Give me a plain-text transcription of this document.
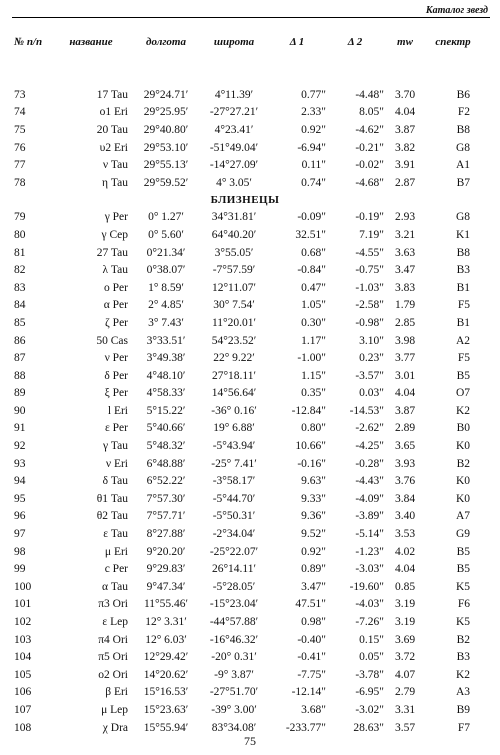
Каталог звезд
№ п/п	название	долгота	широта	Δ 1	Δ 2	mw	спектр
73	17 Tau	29°24.71′	4°11.39′	0.77"	-4.48"	3.70	B6
74	ο1 Eri	29°25.95′	-27°27.21′	2.33"	8.05"	4.04	F2
75	20 Tau	29°40.80′	4°23.41′	0.92"	-4.62"	3.87	B8
76	υ2 Eri	29°53.10′	-51°49.04′	-6.94"	-0.21"	3.82	G8
77	ν Tau	29°55.13′	-14°27.09′	0.11"	-0.02"	3.91	A1
78	η Tau	29°59.52′	4° 3.05′	0.74"	-4.68"	2.87	B7
БЛИЗНЕЦЫ							
79	γ Per	0° 1.27′	34°31.81′	-0.09"	-0.19"	2.93	G8
80	γ Cep	0° 5.60′	64°40.20′	32.51"	7.19"	3.21	K1
81	27 Tau	0°21.34′	3°55.05′	0.68"	-4.55"	3.63	B8
82	λ Tau	0°38.07′	-7°57.59′	-0.84"	-0.75"	3.47	B3
83	ο Per	1° 8.59′	12°11.07′	0.47"	-1.03"	3.83	B1
84	α Per	2° 4.85′	30° 7.54′	1.05"	-2.58"	1.79	F5
85	ζ Per	3° 7.43′	11°20.01′	0.30"	-0.98"	2.85	B1
86	50 Cas	3°33.51′	54°23.52′	1.17"	3.10"	3.98	A2
87	ν Per	3°49.38′	22° 9.22′	-1.00"	0.23"	3.77	F5
88	δ Per	4°48.10′	27°18.11′	1.15"	-3.57"	3.01	B5
89	ξ Per	4°58.33′	14°56.64′	0.35"	0.03"	4.04	O7
90	l Eri	5°15.22′	-36° 0.16′	-12.84"	-14.53"	3.87	K2
91	ε Per	5°40.66′	19° 6.88′	0.80"	-2.62"	2.89	B0
92	γ Tau	5°48.32′	-5°43.94′	10.66"	-4.25"	3.65	K0
93	ν Eri	6°48.88′	-25° 7.41′	-0.16"	-0.28"	3.93	B2
94	δ Tau	6°52.22′	-3°58.17′	9.63"	-4.43"	3.76	K0
95	θ1 Tau	7°57.30′	-5°44.70′	9.33"	-4.09"	3.84	K0
96	θ2 Tau	7°57.71′	-5°50.31′	9.36"	-3.89"	3.40	A7
97	ε Tau	8°27.88′	-2°34.04′	9.52"	-5.14"	3.53	G9
98	μ Eri	9°20.20′	-25°22.07′	0.92"	-1.23"	4.02	B5
99	c Per	9°29.83′	26°14.11′	0.89"	-3.03"	4.04	B5
100	α Tau	9°47.34′	-5°28.05′	3.47"	-19.60"	0.85	K5
101	π3 Ori	11°55.46′	-15°23.04′	47.51"	-4.03"	3.19	F6
102	ε Lep	12° 3.31′	-44°57.88′	0.98"	-7.26"	3.19	K5
103	π4 Ori	12° 6.03′	-16°46.32′	-0.40"	0.15"	3.69	B2
104	π5 Ori	12°29.42′	-20° 0.31′	-0.41"	0.05"	3.72	B3
105	ο2 Ori	14°20.62′	-9° 3.87′	-7.75"	-3.78"	4.07	K2
106	β Eri	15°16.53′	-27°51.70′	-12.14"	-6.95"	2.79	A3
107	μ Lep	15°23.63′	-39° 3.00′	3.68"	-3.02"	3.31	B9
108	χ Dra	15°55.94′	83°34.08′	-233.77"	28.63"	3.57	F7
75
